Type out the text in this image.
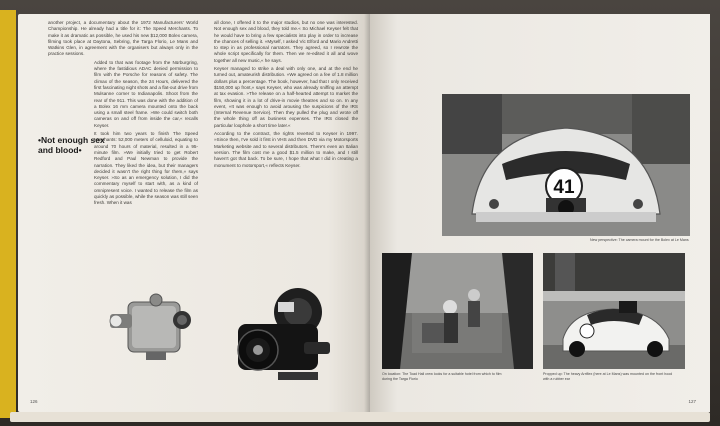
another project, a documentary about the 1972 Manufacturers' World Championship. He already had a title for it: The Speed Merchants. To make it as dramatic as possible, he used his new $12,000 Bolex camera, filming took place at Daytona, Sebring, the Targa Florio, Le Mans and Watkins Glen, in agreement with the organisers but always only in the practice sessions.

Added to that was footage from the Nürburgring, where the fastidious ADAC denied permission to film with the Porsche for reasons of safety. The climax of the season, the 24 Hours, delivered the first fascinating night shots and a flat-out drive from Mulsanne corner to Indianapolis. Shoot from the rear of the 911. This was done with the addition of a Bolex 16 mm camera mounted onto the back using a small steel frame. »We could switch both cameras on and off from inside the car,« recalls Keyser.

It took him two years to finish The Speed Merchants: 52,000 meters of celluloid, equating to around 70 hours of material, resulted in a 95-minute film. »We initially tried to get Robert Redford and Paul Newman to provide the narration. They liked the idea, but their managers decided it wasn't the right thing for them,« says Keyser. »So as an emergency solution, I did the commentary myself to start with, as a kind of omnipresent voice. I wanted to release the film as quickly as possible, while the season was still seen fresh. When it was

•Not enough sex and blood•

all done, I offered it to the major studios, but no one was interested. Not enough sex and blood, they told me.« So Michael Keyser felt that he would have to bring a few specialists into play in order to increase the chances of selling it. »Myself, I asked Vic Elford and Mario Andretti to step in as professional narrators. They agreed, so I rewrote the whole script specifically for them. Then we re-edited it all and wove together all new music,« he says.

Keyser managed to strike a deal with only one, and at the end he turned out, amateurish distribution. »We agreed on a fee of 1.8 million dollars plus a percentage. The book, however, had that I only received $150,000 up front,« says Keyser, who was already sniffing an attempt at tax evasion. »The release on a half-hearted attempt to market the film, showing it in a lot of drive-in movie theatres and so on. In any event, »It was enough to avoid arousing the suspicions of the IRS (Internal Revenue Service). Then they pulled the plug and wrote off the whole thing off as business expenses. The IRS closed the particular loophole a short time later.«

According to the contract, the rights reverted to Keyser in 1997. »Since then, I've sold it first in VHS and then DVD via my Motorsports Marketing website and to several distributors. There's even an Italian version. The film cost me a good $1.5 million to make, and I still haven't got that back. To be sure, I hope that what I did in creating a monument to motorsport,« reflects Keyser.

126

41
New perspective: The camera mount for the Bolex at Le Mans
On location: The Toad Hall crew looks for a suitable hotel from which to film during the Targa Florio
Propped up: The heavy Arriflex (here at Le Mans) was mounted on the front hood with a rubber ear
127
